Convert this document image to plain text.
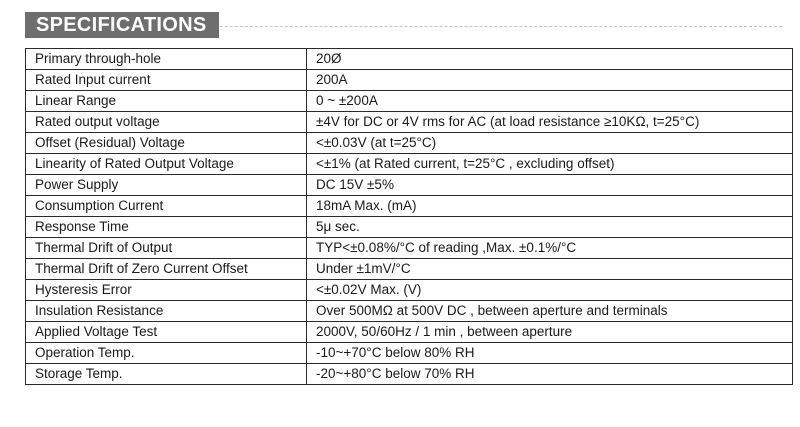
SPECIFICATIONS
Primary through-hole	20Ø
Rated Input current	200A
Linear Range	0 ~ ±200A
Rated output voltage	±4V for DC or 4V rms for AC (at load resistance ≥10KΩ, t=25°C)
Offset (Residual) Voltage	<±0.03V (at t=25°C)
Linearity of Rated Output Voltage	<±1% (at Rated current, t=25°C , excluding offset)
Power Supply	DC 15V ±5%
Consumption Current	18mA Max. (mA)
Response Time	5μ sec.
Thermal Drift of Output	TYP<±0.08%/°C of reading ,Max. ±0.1%/°C
Thermal Drift of Zero Current Offset	Under ±1mV/°C
Hysteresis Error	<±0.02V Max. (V)
Insulation Resistance	Over 500MΩ at 500V DC , between aperture and terminals
Applied Voltage Test	2000V, 50/60Hz / 1 min , between aperture
Operation Temp.	-10~+70°C below 80% RH
Storage Temp.	-20~+80°C below 70% RH
